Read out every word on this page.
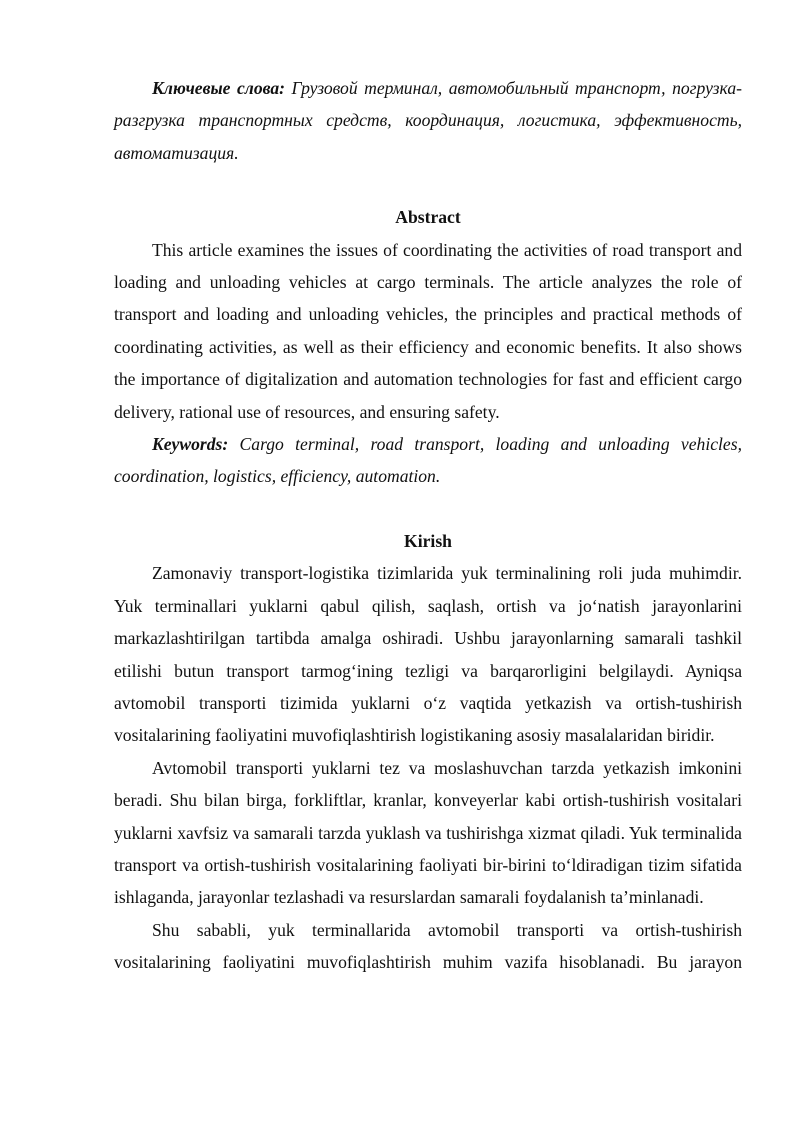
Ключевые слова: Грузовой терминал, автомобильный транспорт, погрузка-разгрузка транспортных средств, координация, логистика, эффективность, автоматизация.

Abstract

This article examines the issues of coordinating the activities of road transport and loading and unloading vehicles at cargo terminals. The article analyzes the role of transport and loading and unloading vehicles, the principles and practical methods of coordinating activities, as well as their efficiency and economic benefits. It also shows the importance of digitalization and automation technologies for fast and efficient cargo delivery, rational use of resources, and ensuring safety.

Keywords: Cargo terminal, road transport, loading and unloading vehicles, coordination, logistics, efficiency, automation.

Kirish

Zamonaviy transport-logistika tizimlarida yuk terminalining roli juda muhimdir. Yuk terminallari yuklarni qabul qilish, saqlash, ortish va jo‘natish jarayonlarini markazlashtirilgan tartibda amalga oshiradi. Ushbu jarayonlarning samarali tashkil etilishi butun transport tarmog‘ining tezligi va barqarorligini belgilaydi. Ayniqsa avtomobil transporti tizimida yuklarni o‘z vaqtida yetkazish va ortish-tushirish vositalarining faoliyatini muvofiqlashtirish logistikaning asosiy masalalaridan biridir.

Avtomobil transporti yuklarni tez va moslashuvchan tarzda yetkazish imkonini beradi. Shu bilan birga, forkliftlar, kranlar, konveyerlar kabi ortish-tushirish vositalari yuklarni xavfsiz va samarali tarzda yuklash va tushirishga xizmat qiladi. Yuk terminalida transport va ortish-tushirish vositalarining faoliyati bir-birini to‘ldiradigan tizim sifatida ishlaganda, jarayonlar tezlashadi va resurslardan samarali foydalanish ta’minlanadi.

Shu sababli, yuk terminallarida avtomobil transporti va ortish-tushirish vositalarining faoliyatini muvofiqlashtirish muhim vazifa hisoblanadi. Bu jarayon
